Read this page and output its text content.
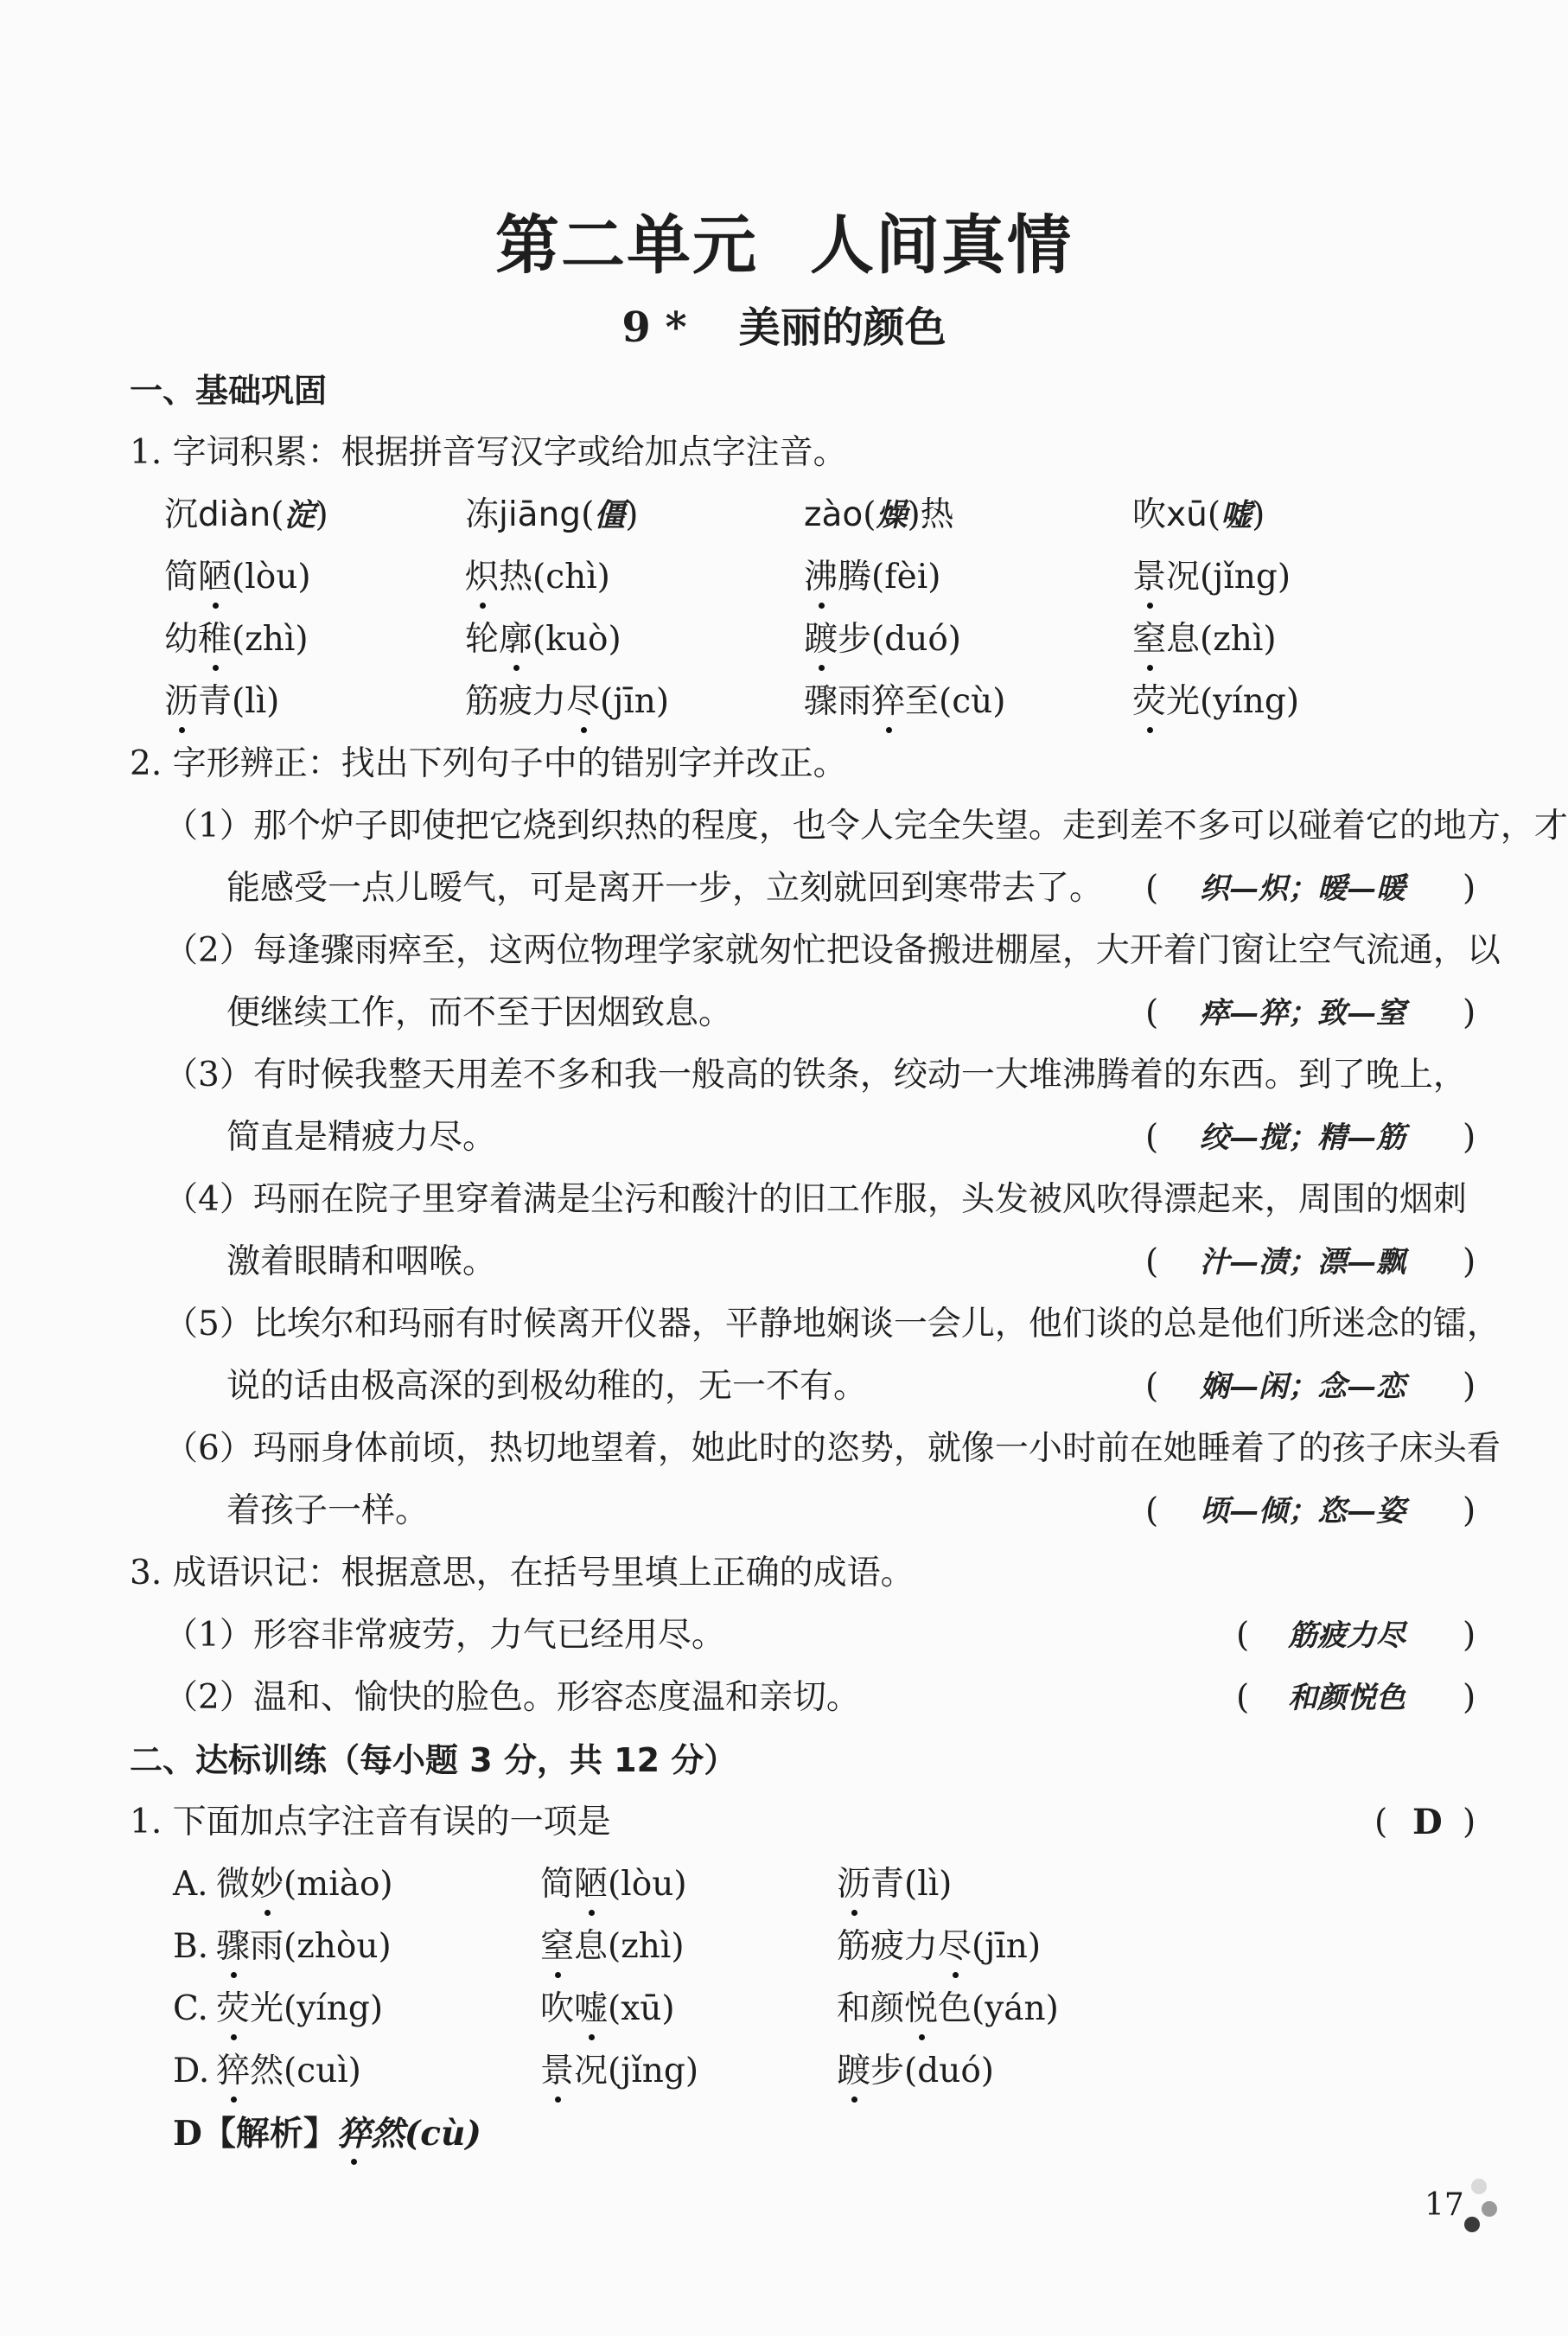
第二单元 人间真情
9 * 美丽的颜色
一、基础巩固
1. 字词积累：根据拼音写汉字或给加点字注音。
沉diàn(淀)	冻jiāng(僵)	zào(燥)热	吹xū(嘘)
简陋(lòu)	炽热(chì)	沸腾(fèi)	景况(jǐng)
幼稚(zhì)	轮廓(kuò)	踱步(duó)	窒息(zhì)
沥青(lì)	筋疲力尽(jīn)	骤雨猝至(cù)	荧光(yíng)
2. 字形辨正：找出下列句子中的错别字并改正。
（1）那个炉子即使把它烧到织热的程度，也令人完全失望。走到差不多可以碰着它的地方，才
能感受一点儿暧气，可是离开一步，立刻就回到寒带去了。 ( 织—炽；暧—暖 )
（2）每逢骤雨瘁至，这两位物理学家就匆忙把设备搬进棚屋，大开着门窗让空气流通，以
便继续工作，而不至于因烟致息。	( 瘁—猝；致—窒 )
（3）有时候我整天用差不多和我一般高的铁条，绞动一大堆沸腾着的东西。到了晚上，
简直是精疲力尽。	( 绞—搅；精—筋 )
（4）玛丽在院子里穿着满是尘污和酸汁的旧工作服，头发被风吹得漂起来，周围的烟刺
激着眼睛和咽喉。	( 汁—渍；漂—飘 )
（5）比埃尔和玛丽有时候离开仪器，平静地娴谈一会儿，他们谈的总是他们所迷念的镭，
说的话由极高深的到极幼稚的，无一不有。	( 娴—闲；念—恋 )
（6）玛丽身体前顷，热切地望着，她此时的恣势，就像一小时前在她睡着了的孩子床头看
着孩子一样。	( 顷—倾；恣—姿 )
3. 成语识记：根据意思，在括号里填上正确的成语。
（1）形容非常疲劳，力气已经用尽。	( 筋疲力尽 )
（2）温和、愉快的脸色。形容态度温和亲切。	( 和颜悦色 )
二、达标训练（每小题 3 分，共 12 分）
1. 下面加点字注音有误的一项是	( D )
A. 微妙(miào)	简陋(lòu)	沥青(lì)
B. 骤雨(zhòu)	窒息(zhì)	筋疲力尽(jīn)
C. 荧光(yíng)	吹嘘(xū)	和颜悦色(yán)
D. 猝然(cuì)	景况(jǐng)	踱步(duó)
D【解析】猝然(cù)
17
